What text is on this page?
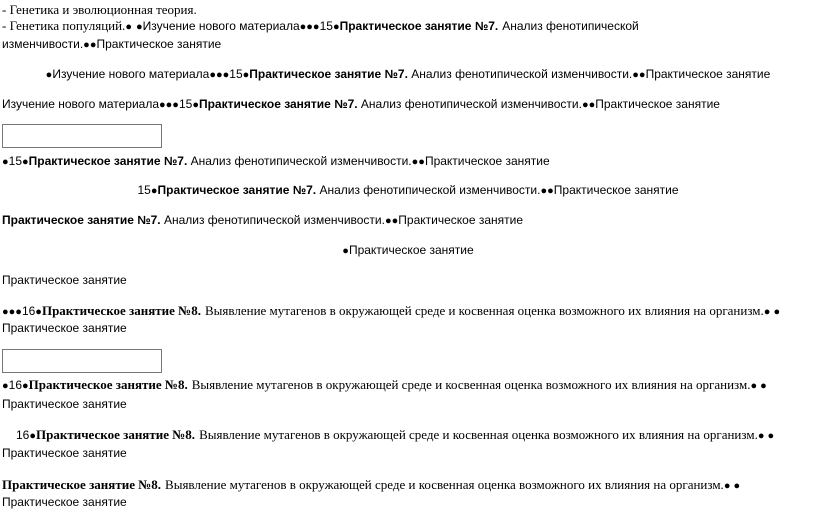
- Генетика и эволюционная теория.
- Генетика популяций.● ●Изучение нового материала●●●15●Практическое занятие №7. Анализ фенотипической
изменчивости.●●Практическое занятие
●Изучение нового материала●●●15●Практическое занятие №7. Анализ фенотипической изменчивости.●●Практическое занятие
Изучение нового материала●●●15●Практическое занятие №7. Анализ фенотипической изменчивости.●●Практическое занятие
●15●Практическое занятие №7. Анализ фенотипической изменчивости.●●Практическое занятие
15●Практическое занятие №7. Анализ фенотипической изменчивости.●●Практическое занятие
Практическое занятие №7. Анализ фенотипической изменчивости.●●Практическое занятие
●Практическое занятие
Практическое занятие
●●●16●Практическое занятие №8. Выявление мутагенов в окружающей среде и косвенная оценка возможного их влияния на организм.● ●
Практическое занятие
●16●Практическое занятие №8. Выявление мутагенов в окружающей среде и косвенная оценка возможного их влияния на организм.● ●
Практическое занятие
16●Практическое занятие №8. Выявление мутагенов в окружающей среде и косвенная оценка возможного их влияния на организм.● ●
Практическое занятие
Практическое занятие №8. Выявление мутагенов в окружающей среде и косвенная оценка возможного их влияния на организм.● ●
Практическое занятие
